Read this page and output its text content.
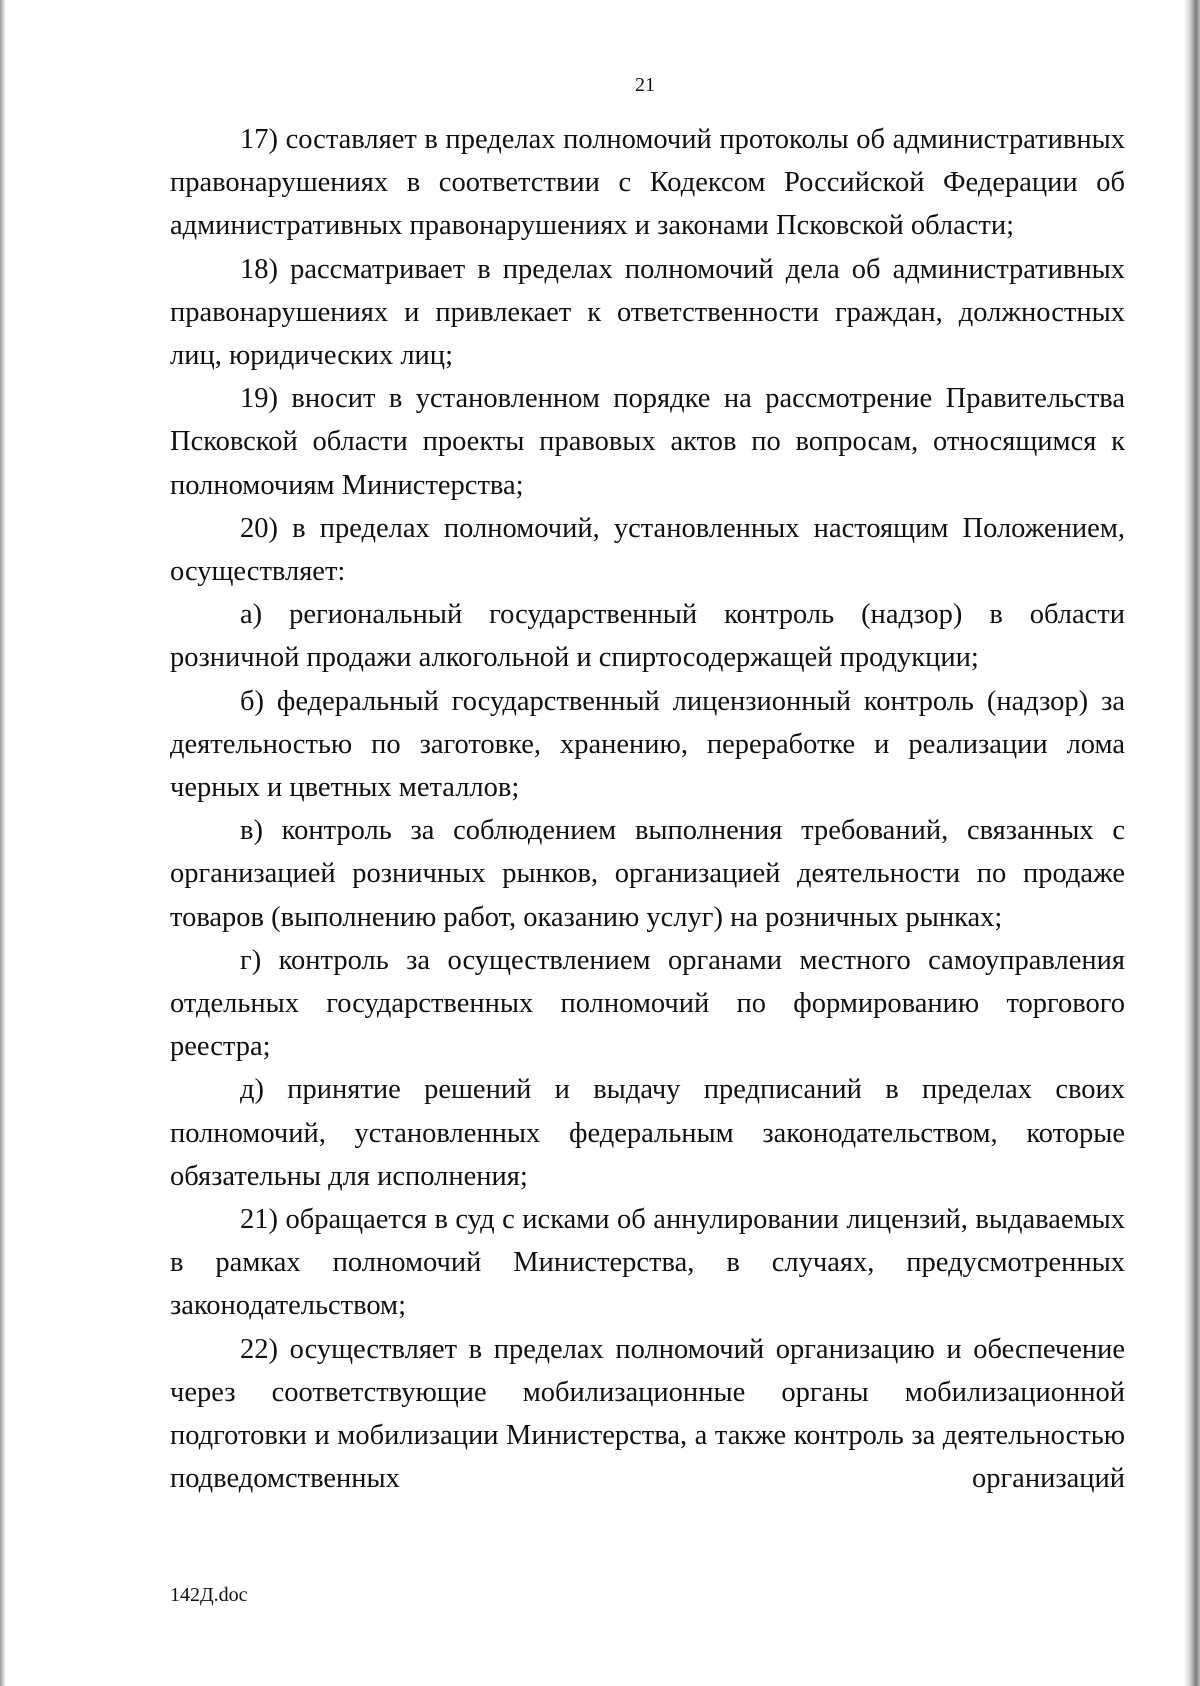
21

17) составляет в пределах полномочий протоколы об административных правонарушениях в соответствии с Кодексом Российской Федерации об административных правонарушениях и законами Псковской области;

18) рассматривает в пределах полномочий дела об административных правонарушениях и привлекает к ответственности граждан, должностных лиц, юридических лиц;

19) вносит в установленном порядке на рассмотрение Правительства Псковской области проекты правовых актов по вопросам, относящимся к полномочиям Министерства;

20) в пределах полномочий, установленных настоящим Положением, осуществляет:

а) региональный государственный контроль (надзор) в области розничной продажи алкогольной и спиртосодержащей продукции;

б) федеральный государственный лицензионный контроль (надзор) за деятельностью по заготовке, хранению, переработке и реализации лома черных и цветных металлов;

в) контроль за соблюдением выполнения требований, связанных с организацией розничных рынков, организацией деятельности по продаже товаров (выполнению работ, оказанию услуг) на розничных рынках;

г) контроль за осуществлением органами местного самоуправления отдельных государственных полномочий по формированию торгового реестра;

д) принятие решений и выдачу предписаний в пределах своих полномочий, установленных федеральным законодательством, которые обязательны для исполнения;

21) обращается в суд с исками об аннулировании лицензий, выдаваемых в рамках полномочий Министерства, в случаях, предусмотренных законодательством;

22) осуществляет в пределах полномочий организацию и обеспечение через соответствующие мобилизационные органы мобилизационной подготовки и мобилизации Министерства, а также контроль за деятельностью подведомственных организаций

142Д.doc
